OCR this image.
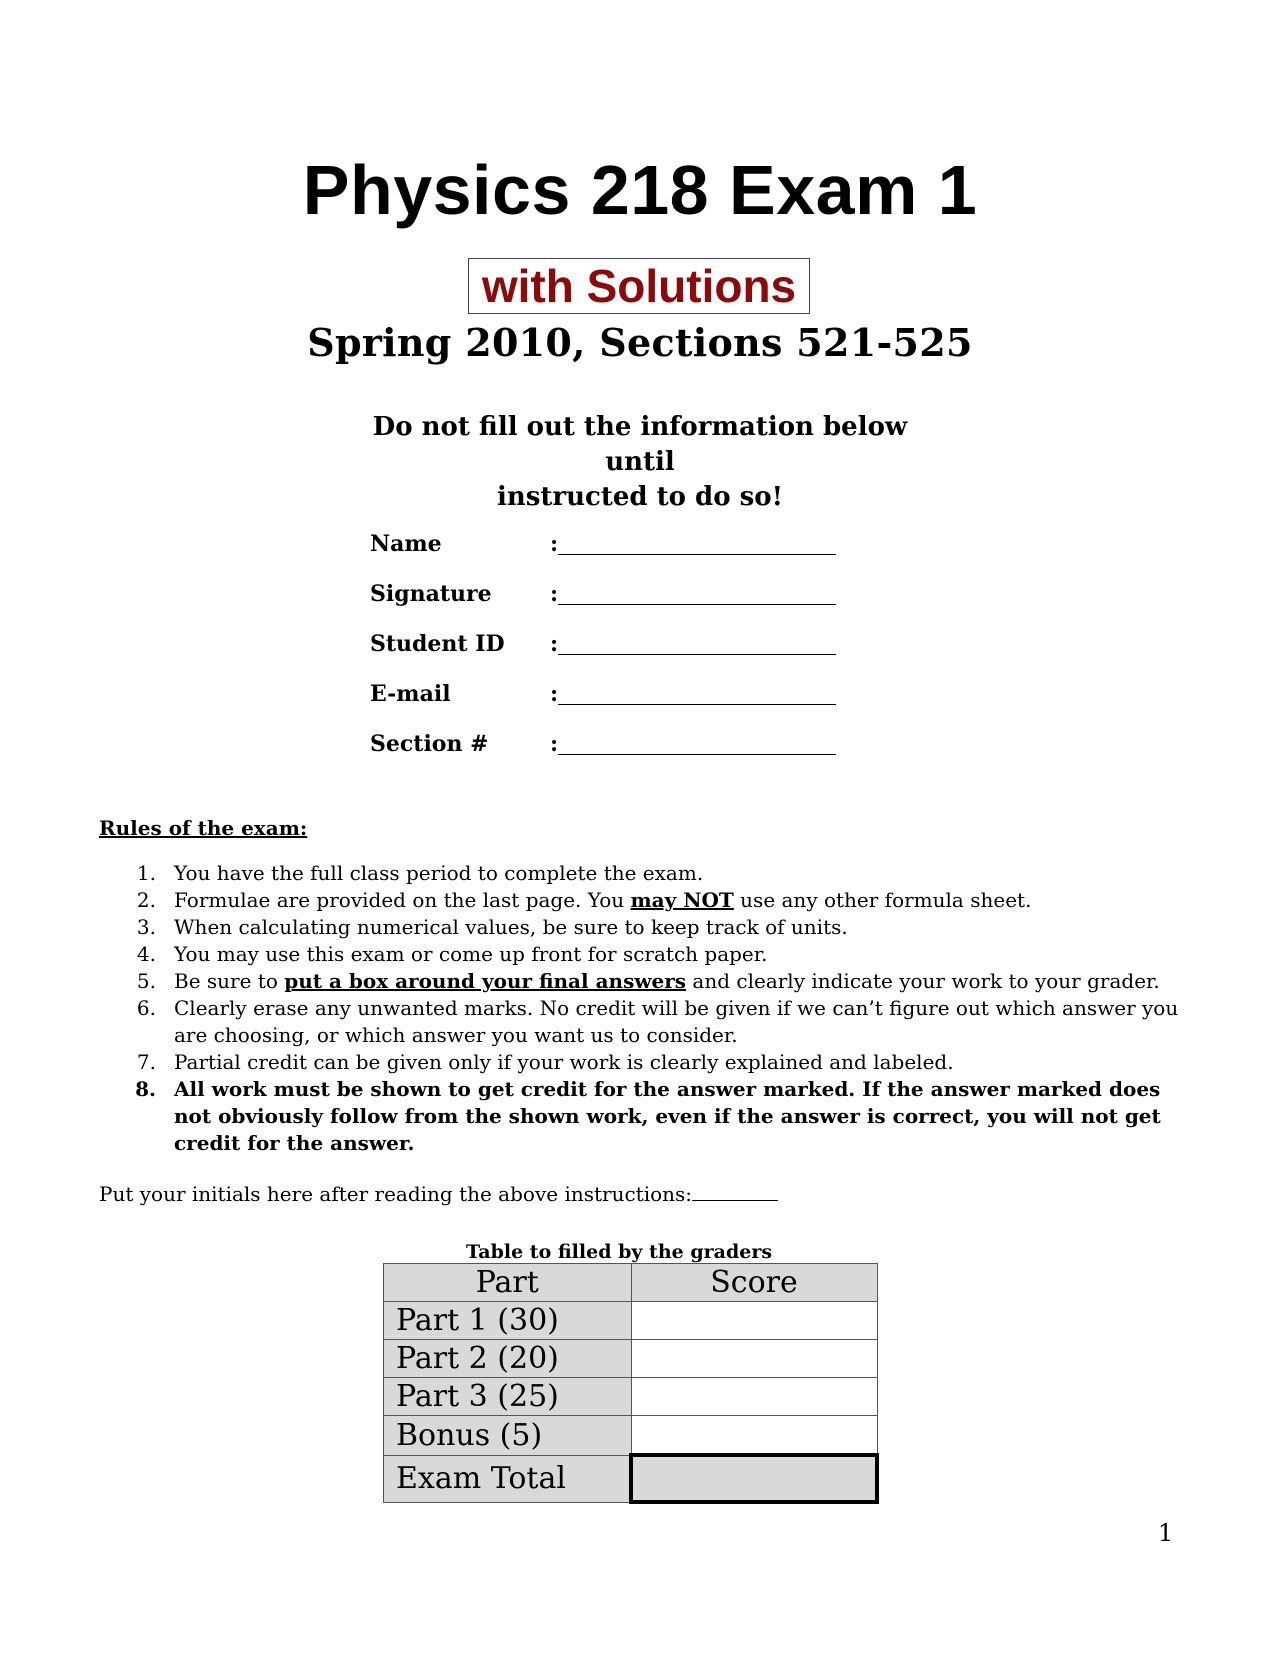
Physics 218 Exam 1
with Solutions
Spring 2010, Sections 521-525
Do not fill out the information below until
instructed to do so!
Name	:
Signature	:
Student ID	:
E-mail	:
Section #	:
Rules of the exam:
1. You have the full class period to complete the exam.
2. Formulae are provided on the last page. You may NOT use any other formula sheet.
3. When calculating numerical values, be sure to keep track of units.
4. You may use this exam or come up front for scratch paper.
5. Be sure to put a box around your final answers and clearly indicate your work to your grader.
6. Clearly erase any unwanted marks. No credit will be given if we can’t figure out which answer you are choosing, or which answer you want us to consider.
7. Partial credit can be given only if your work is clearly explained and labeled.
8. All work must be shown to get credit for the answer marked. If the answer marked does not obviously follow from the shown work, even if the answer is correct, you will not get credit for the answer.
Put your initials here after reading the above instructions:
Table to filled by the graders
Part	Score
Part 1 (30)	
Part 2 (20)	
Part 3 (25)	
Bonus (5)	
Exam Total	
1
